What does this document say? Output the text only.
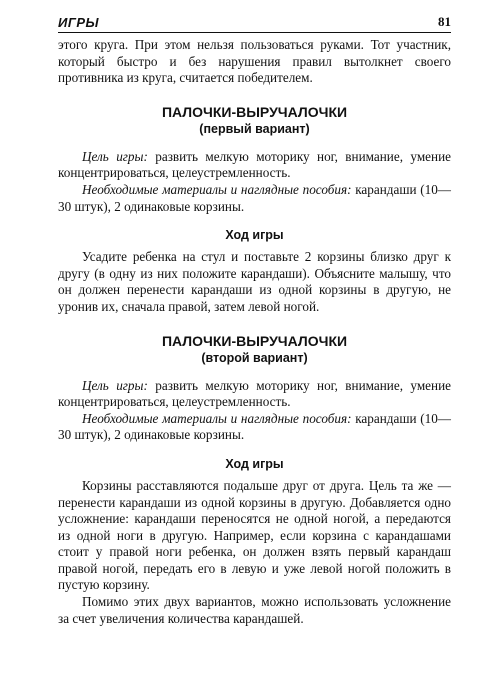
ИГРЫ	81

этого круга. При этом нельзя пользоваться руками. Тот участник, который быстро и без нарушения правил вытолкнет своего противника из круга, считается победителем.

ПАЛОЧКИ-ВЫРУЧАЛОЧКИ
(первый вариант)

Цель игры: развить мелкую моторику ног, внимание, умение концентрироваться, целеустремленность.

Необходимые материалы и наглядные пособия: карандаши (10—30 штук), 2 одинаковые корзины.

Ход игры

Усадите ребенка на стул и поставьте 2 корзины близко друг к другу (в одну из них положите карандаши). Объясните малышу, что он должен перенести карандаши из одной корзины в другую, не уронив их, сначала правой, затем левой ногой.

ПАЛОЧКИ-ВЫРУЧАЛОЧКИ
(второй вариант)

Цель игры: развить мелкую моторику ног, внимание, умение концентрироваться, целеустремленность.

Необходимые материалы и наглядные пособия: карандаши (10—30 штук), 2 одинаковые корзины.

Ход игры

Корзины расставляются подальше друг от друга. Цель та же — перенести карандаши из одной корзины в другую. Добавляется одно усложнение: карандаши переносятся не одной ногой, а передаются из одной ноги в другую. Например, если корзина с карандашами стоит у правой ноги ребенка, он должен взять первый карандаш правой ногой, передать его в левую и уже левой ногой положить в пустую корзину.

Помимо этих двух вариантов, можно использовать усложнение за счет увеличения количества карандашей.
